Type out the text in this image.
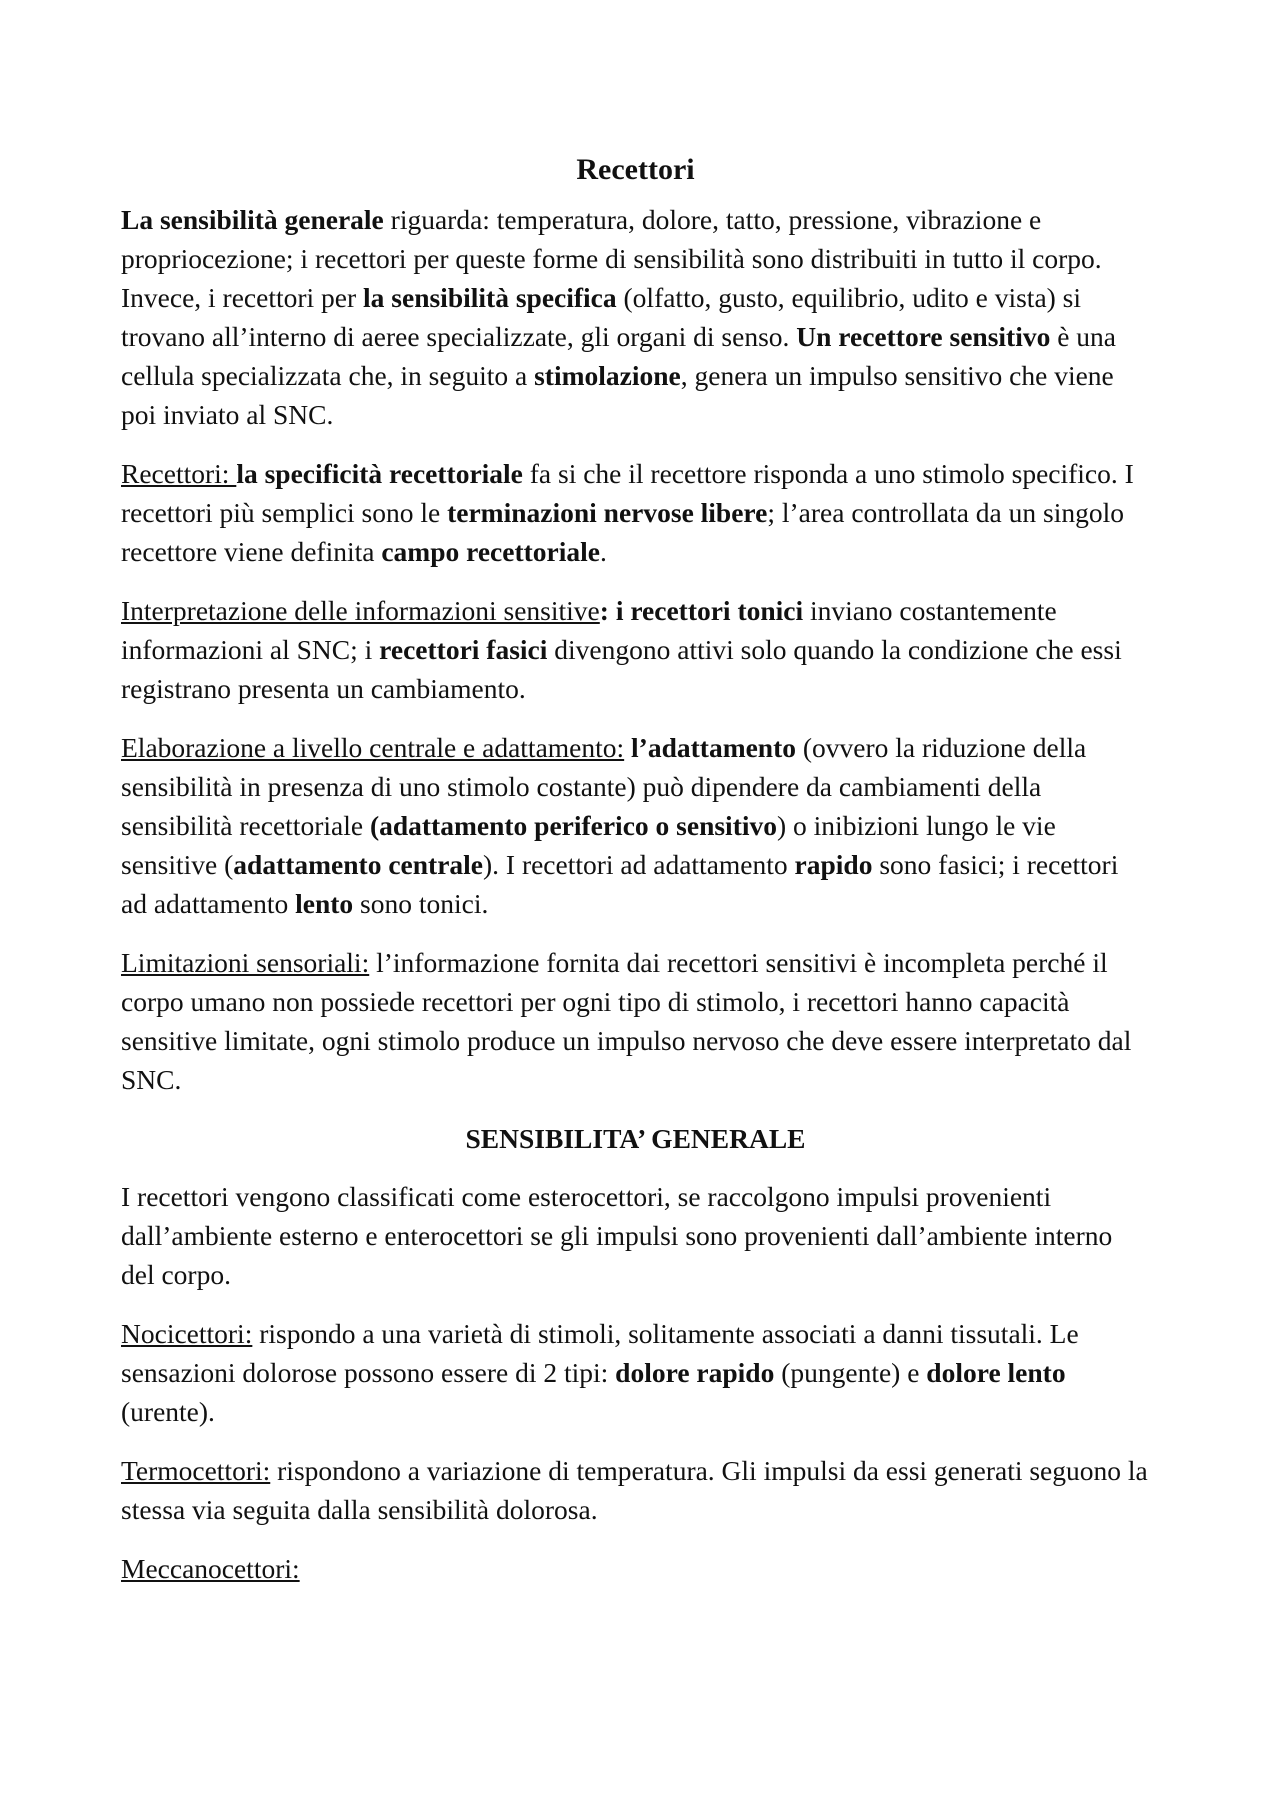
Recettori

La sensibilità generale riguarda: temperatura, dolore, tatto, pressione, vibrazione e propriocezione; i recettori per queste forme di sensibilità sono distribuiti in tutto il corpo. Invece, i recettori per la sensibilità specifica (olfatto, gusto, equilibrio, udito e vista) si trovano all’interno di aeree specializzate, gli organi di senso. Un recettore sensitivo è una cellula specializzata che, in seguito a stimolazione, genera un impulso sensitivo che viene poi inviato al SNC.

Recettori: la specificità recettoriale fa si che il recettore risponda a uno stimolo specifico. I recettori più semplici sono le terminazioni nervose libere; l’area controllata da un singolo recettore viene definita campo recettoriale.

Interpretazione delle informazioni sensitive: i recettori tonici inviano costantemente informazioni al SNC; i recettori fasici divengono attivi solo quando la condizione che essi registrano presenta un cambiamento.

Elaborazione a livello centrale e adattamento: l’adattamento (ovvero la riduzione della sensibilità in presenza di uno stimolo costante) può dipendere da cambiamenti della sensibilità recettoriale (adattamento periferico o sensitivo) o inibizioni lungo le vie sensitive (adattamento centrale). I recettori ad adattamento rapido sono fasici; i recettori ad adattamento lento sono tonici.

Limitazioni sensoriali: l’informazione fornita dai recettori sensitivi è incompleta perché il corpo umano non possiede recettori per ogni tipo di stimolo, i recettori hanno capacità sensitive limitate, ogni stimolo produce un impulso nervoso che deve essere interpretato dal SNC.

SENSIBILITA’ GENERALE

I recettori vengono classificati come esterocettori, se raccolgono impulsi provenienti dall’ambiente esterno e enterocettori se gli impulsi sono provenienti dall’ambiente interno del corpo.

Nocicettori: rispondo a una varietà di stimoli, solitamente associati a danni tissutali. Le sensazioni dolorose possono essere di 2 tipi: dolore rapido (pungente) e dolore lento (urente).

Termocettori: rispondono a variazione di temperatura. Gli impulsi da essi generati seguono la stessa via seguita dalla sensibilità dolorosa.

Meccanocettori:
